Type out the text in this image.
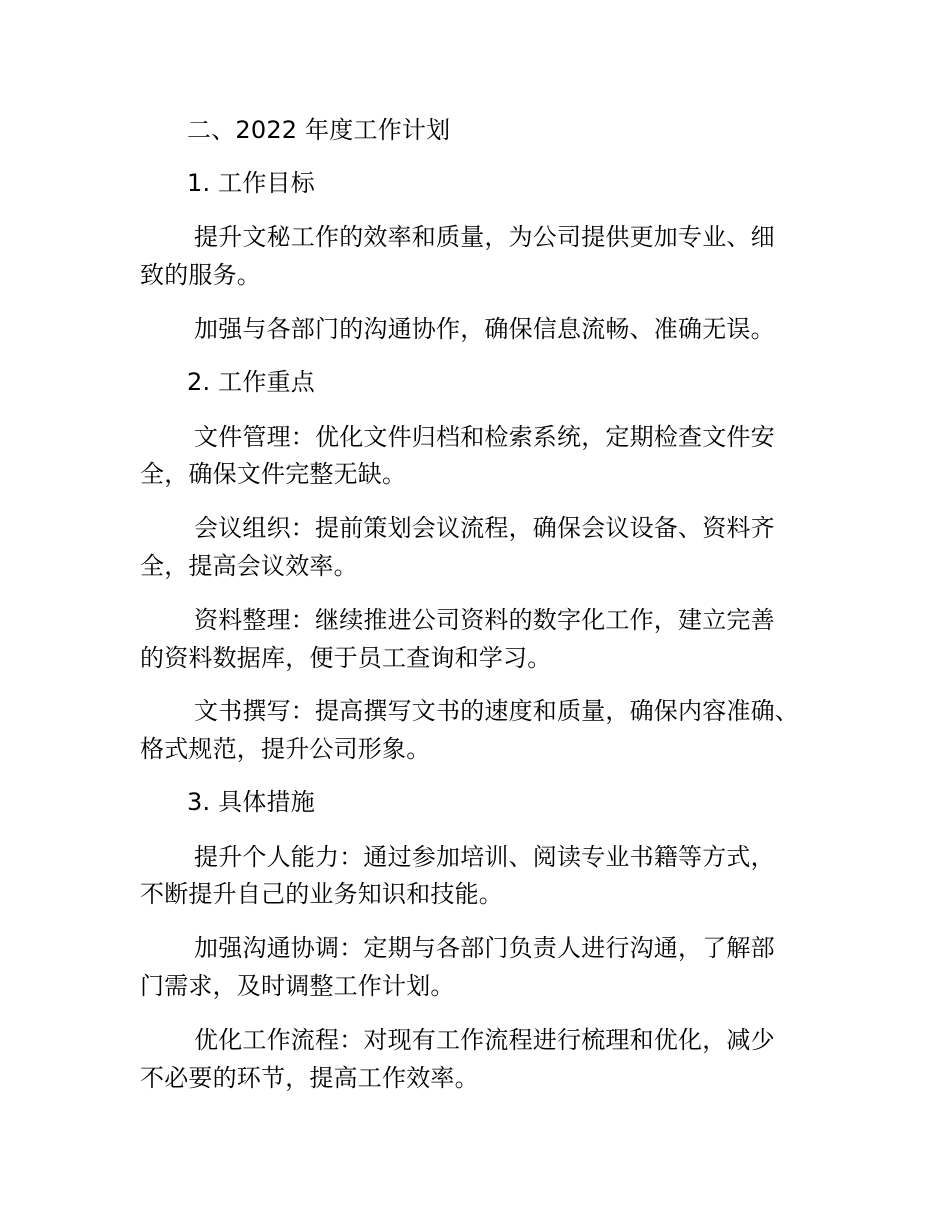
二、2022 年度工作计划
1. 工作目标
提升文秘工作的效率和质量，为公司提供更加专业、细
致的服务。
加强与各部门的沟通协作，确保信息流畅、准确无误。
2. 工作重点
文件管理：优化文件归档和检索系统，定期检查文件安
全，确保文件完整无缺。
会议组织：提前策划会议流程，确保会议设备、资料齐
全，提高会议效率。
资料整理：继续推进公司资料的数字化工作，建立完善
的资料数据库，便于员工查询和学习。
文书撰写：提高撰写文书的速度和质量，确保内容准确、
格式规范，提升公司形象。
3. 具体措施
提升个人能力：通过参加培训、阅读专业书籍等方式，
不断提升自己的业务知识和技能。
加强沟通协调：定期与各部门负责人进行沟通，了解部
门需求，及时调整工作计划。
优化工作流程：对现有工作流程进行梳理和优化，减少
不必要的环节，提高工作效率。
